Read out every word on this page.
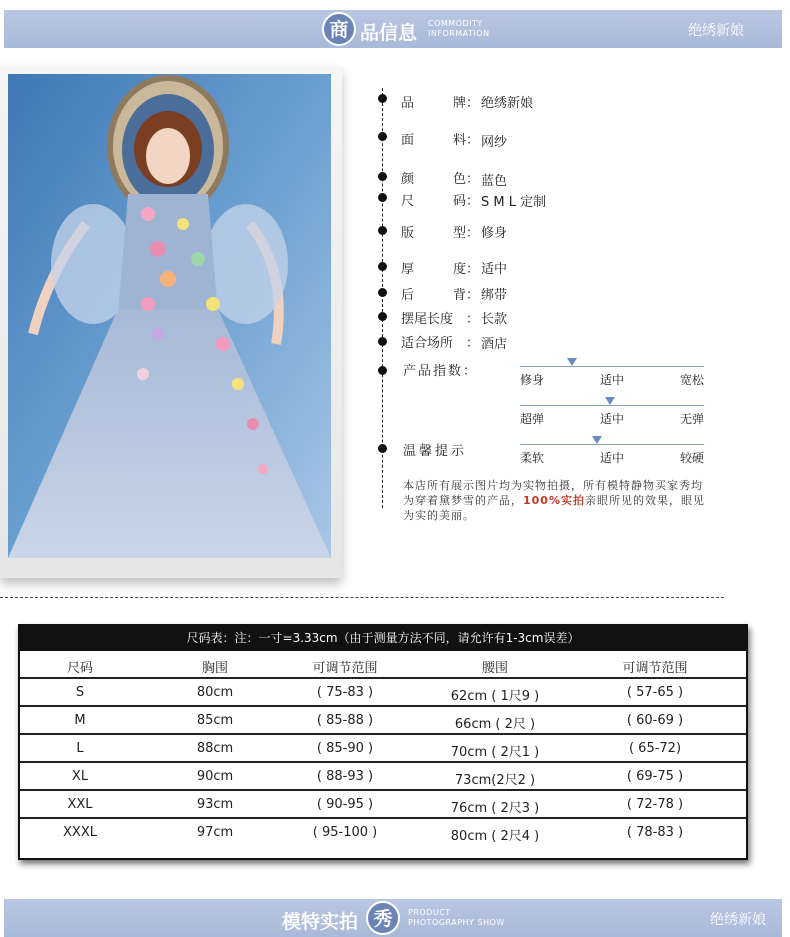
商 品信息 COMMODITY
INFORMATION	绝绣新娘
品　　　牌 ： 绝绣新娘
面　　　料 ： 网纱
颜　　　色 ： 蓝色
尺　　　码 ： S M L 定制
版　　　型 ： 修身
厚　　　度 ： 适中
后　　　背 ： 绑带
摆尾长度 ： 长款
适合场所 ： 酒店
产品指数：
修身	适中	宽松
超弹	适中	无弹
柔软	适中	较硬
温馨提示
本店所有展示图片均为实物拍摄，所有模特静物买家秀均为穿着黛梦雪的产品，100%实拍亲眼所见的效果，眼见为实的美丽。
尺码表：注：一寸=3.33cm（由于测量方法不同，请允许有1-3cm误差）
尺码	胸围	可调节范围	腰围	可调节范围
S	80cm	( 75-83 )	62cm ( 1尺9 )	( 57-65 )
M	85cm	( 85-88 )	66cm ( 2尺 )	( 60-69 )
L	88cm	( 85-90 )	70cm ( 2尺1 )	( 65-72)
XL	90cm	( 88-93 )	73cm(2尺2 )	( 69-75 )
XXL	93cm	( 90-95 )	76cm ( 2尺3 )	( 72-78 )
XXXL	97cm	( 95-100 )	80cm ( 2尺4 )	( 78-83 )
模特实拍 秀	PRODUCT
PHOTOGRAPHY SHOW	绝绣新娘
